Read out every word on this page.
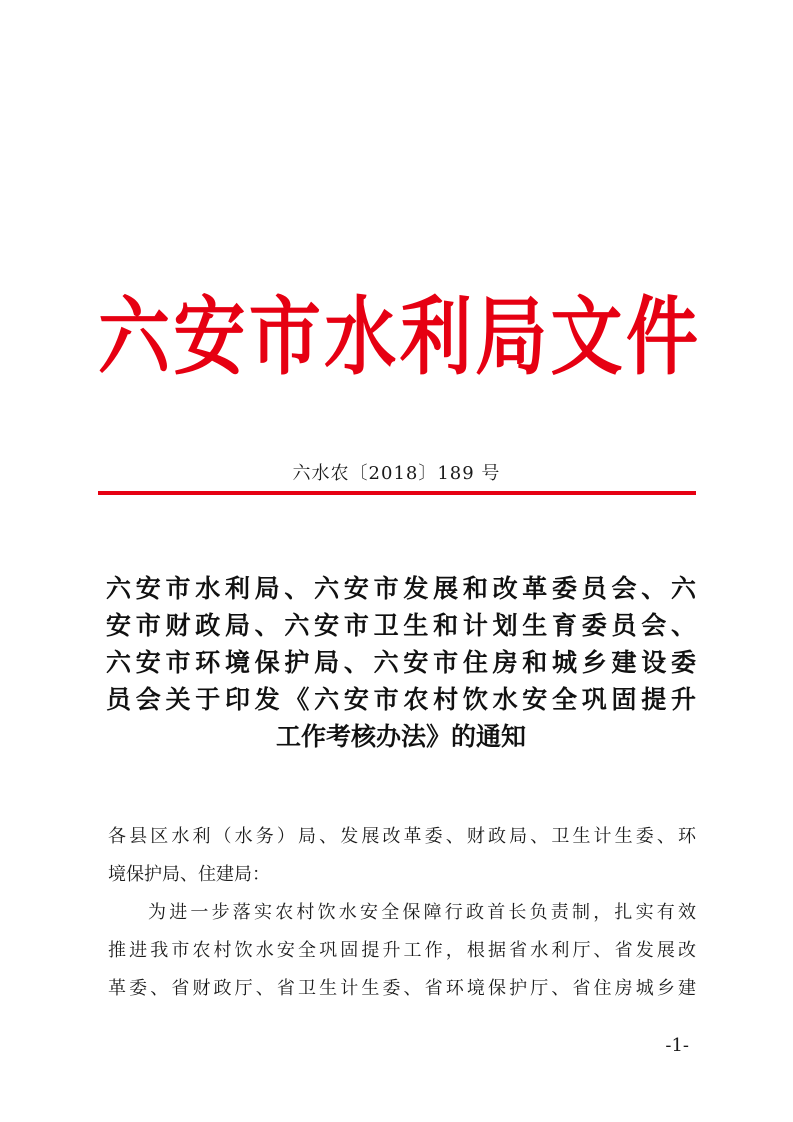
六安市水利局文件
六水农〔2018〕189 号
六安市水利局、六安市发展和改革委员会、六
安市财政局、六安市卫生和计划生育委员会、
六安市环境保护局、六安市住房和城乡建设委
员会关于印发《六安市农村饮水安全巩固提升
工作考核办法》的通知
各县区水利（水务）局、发展改革委、财政局、卫生计生委、环
境保护局、住建局：
为进一步落实农村饮水安全保障行政首长负责制，扎实有效
推进我市农村饮水安全巩固提升工作，根据省水利厅、省发展改
革委、省财政厅、省卫生计生委、省环境保护厅、省住房城乡建
-1-
